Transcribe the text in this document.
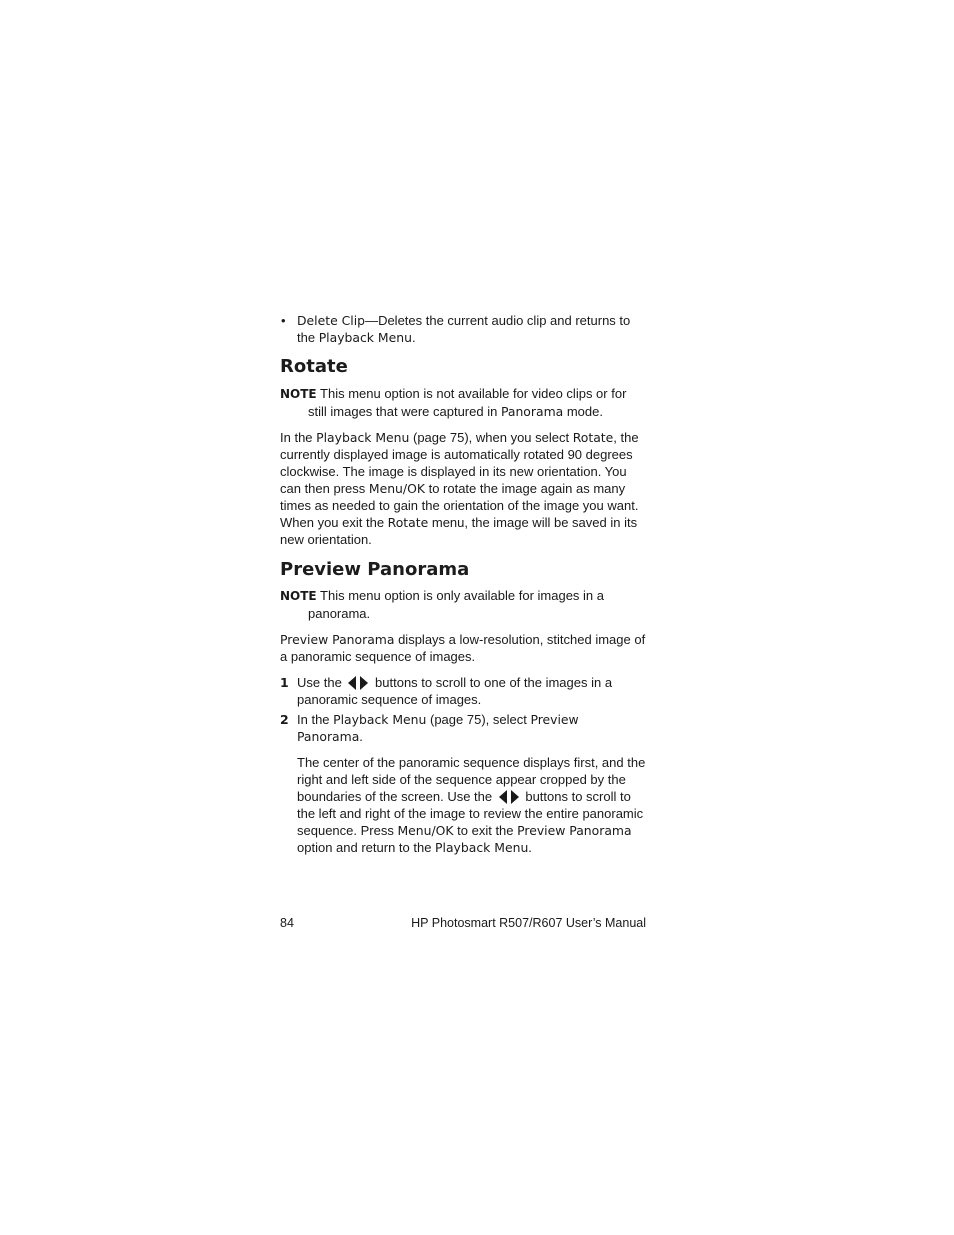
• Delete Clip—Deletes the current audio clip and returns to the Playback Menu.
Rotate

NOTE This menu option is not available for video clips or for still images that were captured in Panorama mode.

In the Playback Menu (page 75), when you select Rotate, the currently displayed image is automatically rotated 90 degrees clockwise. The image is displayed in its new orientation. You can then press Menu/OK to rotate the image again as many times as needed to gain the orientation of the image you want. When you exit the Rotate menu, the image will be saved in its new orientation.

Preview Panorama

NOTE This menu option is only available for images in a panorama.

Preview Panorama displays a low-resolution, stitched image of a panoramic sequence of images.

1 Use the
buttons to scroll to one of the images in a panoramic sequence of images.
2 In the Playback Menu (page 75), select Preview Panorama.

The center of the panoramic sequence displays first, and the right and left side of the sequence appear cropped by the boundaries of the screen. Use the
buttons to scroll to the left and right of the image to review the entire panoramic sequence. Press Menu/OK to exit the Preview Panorama option and return to the Playback Menu.

84	HP Photosmart R507/R607 User’s Manual
